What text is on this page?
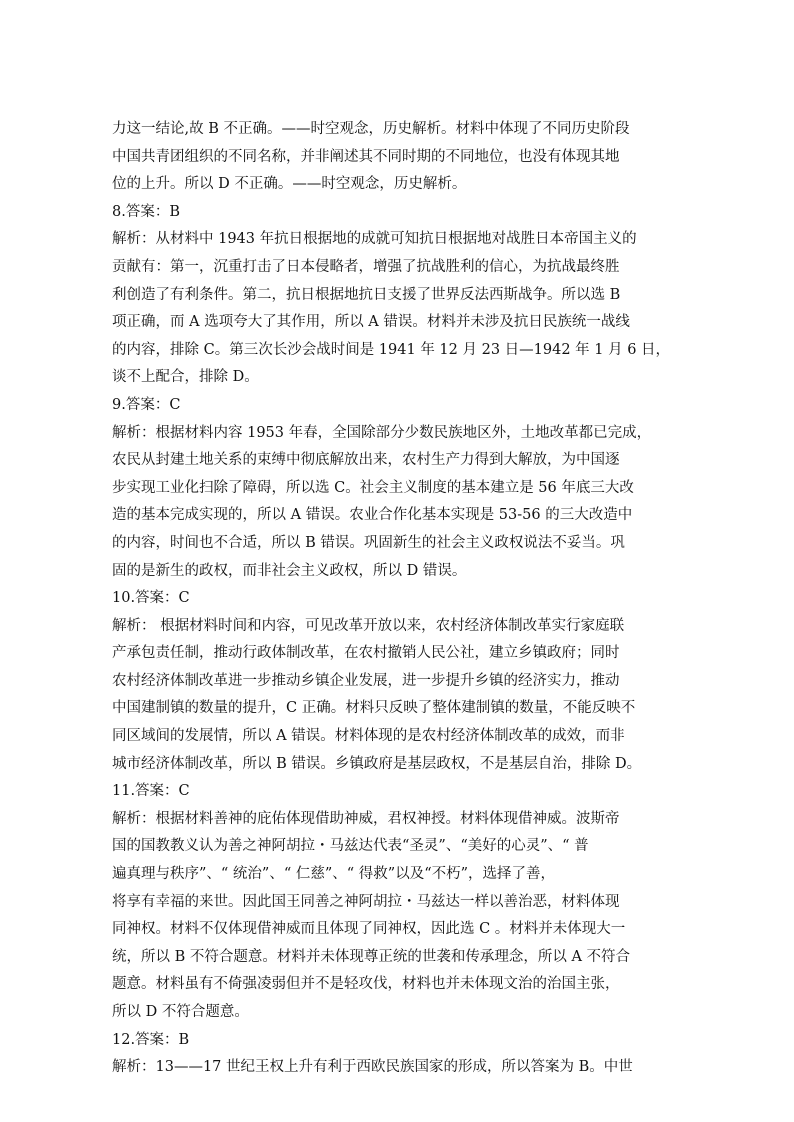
力这一结论,故 B 不正确。——时空观念，历史解析。材料中体现了不同历史阶段
中国共青团组织的不同名称，并非阐述其不同时期的不同地位，也没有体现其地
位的上升。所以 D 不正确。——时空观念，历史解析。
8.答案：B
解析：从材料中 1943 年抗日根据地的成就可知抗日根据地对战胜日本帝国主义的
贡献有：第一，沉重打击了日本侵略者，增强了抗战胜利的信心，为抗战最终胜
利创造了有利条件。第二，抗日根据地抗日支援了世界反法西斯战争。所以选 B
项正确，而 A 选项夸大了其作用，所以 A 错误。材料并未涉及抗日民族统一战线
的内容，排除 C。第三次长沙会战时间是 1941 年 12 月 23 日—1942 年 1 月 6 日，
谈不上配合，排除 D。
9.答案：C
解析：根据材料内容 1953 年春，全国除部分少数民族地区外，土地改革都已完成，
农民从封建土地关系的束缚中彻底解放出来，农村生产力得到大解放，为中国逐
步实现工业化扫除了障碍，所以选 C。社会主义制度的基本建立是 56 年底三大改
造的基本完成实现的，所以 A 错误。农业合作化基本实现是 53-56 的三大改造中
的内容，时间也不合适，所以 B 错误。巩固新生的社会主义政权说法不妥当。巩
固的是新生的政权，而非社会主义政权，所以 D 错误。
10.答案：C
解析： 根据材料时间和内容，可见改革开放以来，农村经济体制改革实行家庭联
产承包责任制，推动行政体制改革，在农村撤销人民公社，建立乡镇政府；同时
农村经济体制改革进一步推动乡镇企业发展，进一步提升乡镇的经济实力，推动
中国建制镇的数量的提升，C 正确。材料只反映了整体建制镇的数量，不能反映不
同区域间的发展情，所以 A 错误。材料体现的是农村经济体制改革的成效，而非
城市经济体制改革，所以 B 错误。乡镇政府是基层政权，不是基层自治，排除 D。
11.答案：C
解析：根据材料善神的庇佑体现借助神威，君权神授。材料体现借神威。波斯帝
国的国教教义认为善之神阿胡拉・马兹达代表“圣灵”、“美好的心灵”、“ 普
遍真理与秩序”、“ 统治”、“ 仁慈”、“ 得救”以及“不朽”，选择了善，
将享有幸福的来世。因此国王同善之神阿胡拉・马兹达一样以善治恶，材料体现
同神权。材料不仅体现借神威而且体现了同神权，因此选 C 。材料并未体现大一
统，所以 B 不符合题意。材料并未体现尊正统的世袭和传承理念，所以 A 不符合
题意。材料虽有不倚强凌弱但并不是轻攻伐，材料也并未体现文治的治国主张，
所以 D 不符合题意。
12.答案：B
解析：13——17 世纪王权上升有利于西欧民族国家的形成，所以答案为 B。中世
